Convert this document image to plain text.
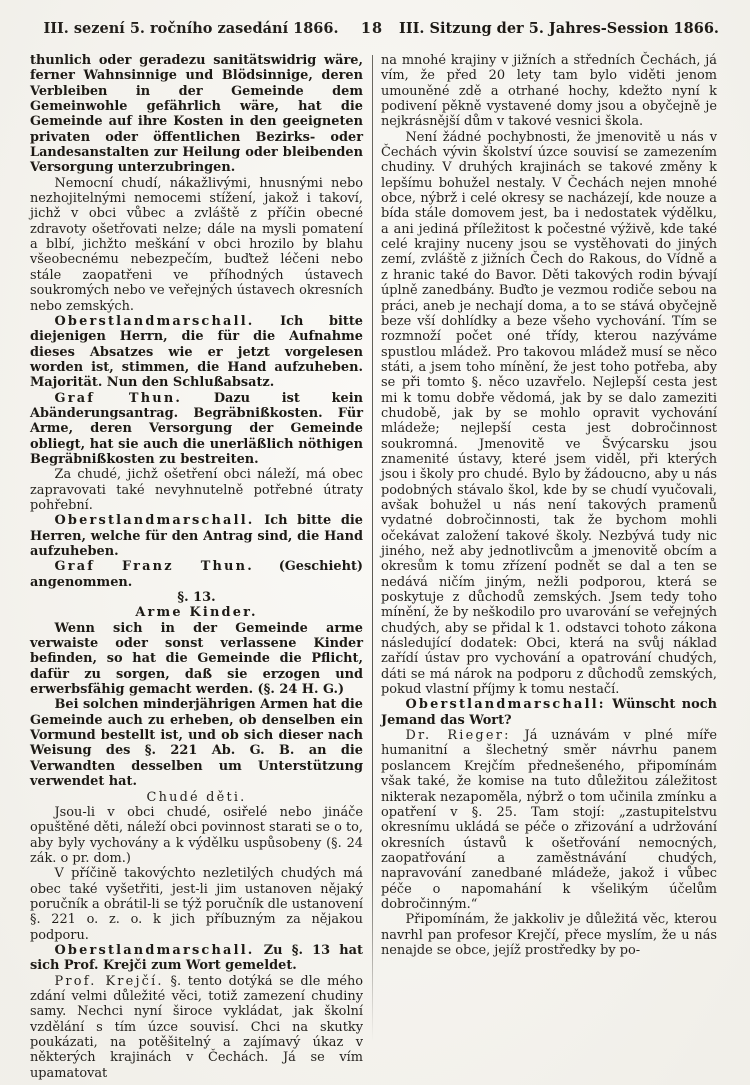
III. sezení 5. ročního zasedání 1866.	18	III. Sitzung der 5. Jahres-Session 1866.

thunlich oder geradezu sanitätswidrig wäre, ferner Wahnsinnige und Blödsinnige, deren Verbleiben in der Gemeinde dem Gemeinwohle gefährlich wäre, hat die Gemeinde auf ihre Kosten in den geeigneten privaten oder öffentlichen Bezirks- oder Landesanstalten zur Heilung oder bleibenden Versorgung unterzubringen.

Nemocní chudí, nákažlivými, hnusnými nebo nezhojitelnými nemocemi stížení, jakož i takoví, jichž v obci vůbec a zvláště z příčin obecné zdravoty ošetřovati nelze; dále na mysli pomatení a blbí, jichžto meškání v obci hrozilo by blahu všeobecnému nebezpečím, buďtež léčeni nebo stále zaopatřeni ve příhodných ústavech soukromých nebo ve veřejných ústavech okresních nebo zemských.

Oberstlandmarschall. Ich bitte diejenigen Herrn, die für die Aufnahme dieses Absatzes wie er jetzt vorgelesen worden ist, stimmen, die Hand aufzuheben. Majorität. Nun den Schlußabsatz.

Graf Thun. Dazu ist kein Abänderungsantrag. Begräbnißkosten. Für Arme, deren Versorgung der Gemeinde obliegt, hat sie auch die unerläßlich nöthigen Begräbnißkosten zu bestreiten.

Za chudé, jichž ošetření obci náleží, má obec zapravovati také nevyhnutelně potřebné útraty pohřební.

Oberstlandmarschall. Ich bitte die Herren, welche für den Antrag sind, die Hand aufzuheben.

Graf Franz Thun. (Geschieht) angenommen.

§. 13.

Arme Kinder.

Wenn sich in der Gemeinde arme verwaiste oder sonst verlassene Kinder befinden, so hat die Gemeinde die Pflicht, dafür zu sorgen, daß sie erzogen und erwerbsfähig gemacht werden. (§. 24 H. G.)

Bei solchen minderjährigen Armen hat die Gemeinde auch zu erheben, ob denselben ein Vormund bestellt ist, und ob sich dieser nach Weisung des §. 221 Ab. G. B. an die Verwandten desselben um Unterstützung verwendet hat.

Chudé děti.

Jsou-li v obci chudé, osiřelé nebo jináče opuštěné děti, náleží obci povinnost starati se o to, aby byly vychovány a k výdělku uspůsobeny (§. 24 zák. o pr. dom.)

V příčině takovýchto nezletilých chudých má obec také vyšetřiti, jest-li jim ustanoven nějaký poručník a obrátil-li se týž poručník dle ustanovení §. 221 o. z. o. k jich příbuzným za nějakou podporu.

Oberstlandmarschall. Zu §. 13 hat sich Prof. Krejči zum Wort gemeldet.

Prof. Krejčí. §. tento dotýká se dle mého zdání velmi důležité věci, totiž zamezení chudiny samy. Nechci nyní široce vykládat, jak školní vzdělání s tím úzce souvisí. Chci na skutky poukázati, na potěšitelný a zajímavý úkaz v některých krajinách v Čechách. Já se vím upamatovat

na mnohé krajiny v jižních a středních Čechách, já vím, že před 20 lety tam bylo viděti jenom umouněné zdě a otrhané hochy, kdežto nyní k podivení pěkně vystavené domy jsou a obyčejně je nejkrásnější dům v takové vesnici škola.

Není žádné pochybnosti, že jmenovitě u nás v Čechách vývin školství úzce souvisí se zamezením chudiny. V druhých krajinách se takové změny k lepšímu bohužel nestaly. V Čechách nejen mnohé obce, nýbrž i celé okresy se nacházejí, kde nouze a bída stále domovem jest, ba i nedostatek výdělku, a ani jediná příležitost k počestné výživě, kde také celé krajiny nuceny jsou se vystěhovati do jiných zemí, zvláště z jižních Čech do Rakous, do Vídně a z hranic také do Bavor. Děti takových rodin bývají úplně zanedbány. Buďto je vezmou rodiče sebou na práci, aneb je nechají doma, a to se stává obyčejně beze vší dohlídky a beze všeho vychování. Tím se rozmnoží počet oné třídy, kterou nazýváme spustlou mládež. Pro takovou mládež musí se něco státi, a jsem toho mínění, že jest toho potřeba, aby se při tomto §. něco uzavřelo. Nejlepší cesta jest mi k tomu dobře vědomá, jak by se dalo zameziti chudobě, jak by se mohlo opravit vychování mládeže; nejlepší cesta jest dobročinnost soukromná. Jmenovitě ve Švýcarsku jsou znamenité ústavy, které jsem viděl, při kterých jsou i školy pro chudé. Bylo by žádoucno, aby u nás podobných stávalo škol, kde by se chudí vyučovali, avšak bohužel u nás není takových pramenů vydatné dobročinnosti, tak že bychom mohli očekávat založení takové školy. Nezbývá tudy nic jiného, než aby jednotlivcům a jmenovitě obcím a okresům k tomu zřízení podnět se dal a ten se nedává ničím jiným, nežli podporou, která se poskytuje z důchodů zemských. Jsem tedy toho mínění, že by neškodilo pro uvarování se veřejných chudých, aby se přidal k 1. odstavci tohoto zákona následující dodatek: Obci, která na svůj náklad zařídí ústav pro vychování a opatrování chudých, dáti se má nárok na podporu z důchodů zemských, pokud vlastní příjmy k tomu nestačí.

Oberstlandmarschall: Wünscht noch Jemand das Wort?

Dr. Rieger: Já uznávám v plné míře humanitní a šlechetný směr návrhu panem poslancem Krejčím přednešeného, připomínám však také, že komise na tuto důležitou záležitost nikterak nezapoměla, nýbrž o tom učinila zmínku a opatření v §. 25. Tam stojí: „zastupitelstvu okresnímu ukládá se péče o zřizování a udržování okresních ústavů k ošetřování nemocných, zaopatřování a zaměstnávání chudých, napravování zanedbané mládeže, jakož i vůbec péče o napomahání k všelikým účelům dobročinným.“

Připomínám, že jakkoliv je důležitá věc, kterou navrhl pan profesor Krejčí, přece myslím, že u nás nenajde se obce, jejíž prostředky by po-
